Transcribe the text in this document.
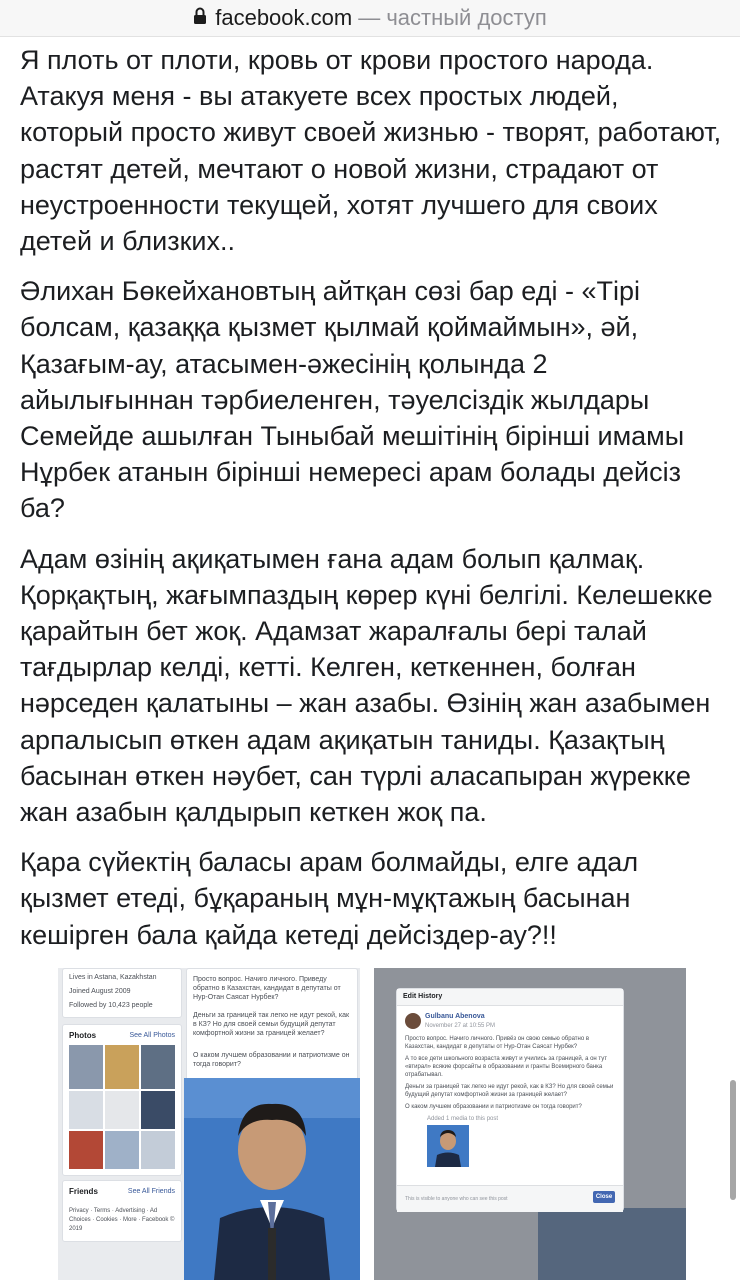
facebook.com — частный доступ

Я плоть от плоти, кровь от крови простого народа. Атакуя меня - вы атакуете всех простых людей, который просто живут своей жизнью - творят, работают, растят детей, мечтают о новой жизни, страдают от неустроенности текущей, хотят лучшего для своих детей и близких..

Әлихан Бөкейхановтың айтқан сөзі бар еді - «Тірі болсам, қазаққа қызмет қылмай қоймаймын», әй, Қазағым-ау, атасымен-әжесінің қолында 2 айылығыннан тәрбиеленген, тәуелсіздік жылдары Семейде ашылған Тыныбай мешітінің бірінші имамы Нұрбек атанын бірінші немересі арам болады дейсіз ба?

Адам өзінің ақиқатымен ғана адам болып қалмақ. Қорқақтың, жағымпаздың көрер күні белгілі. Келешекке қарайтын бет жоқ. Адамзат жаралғалы бері талай тағдырлар келді, кетті. Келген, кеткеннен, болған нәрседен қалатыны – жан азабы. Өзінің жан азабымен арпалысып өткен адам ақиқатын таниды. Қазақтың басынан өткен нәубет, сан түрлі аласапыран жүрекке жан азабын қалдырып кеткен жоқ па.

Қара сүйектің баласы арам болмайды, елге адал қызмет етеді, бұқараның мұн-мұқтажың басынан кешірген бала қайда кетеді дейсіздер-ау?!!

Lives in Astana, Kazakhstan
Joined August 2009
Followed by 10,423 people
Photos	See All Photos
Friends	See All Friends
Privacy · Terms · Advertising · Ad Choices · Cookies · More · Facebook © 2019
Просто вопрос. Начиго личного. Приведу обратно в Казахстан, кандидат в депутаты от Нур-Отан Саясат Нурбек?
Деньги за границей так легко не идут рекой, как в КЗ? Но для своей семьи будущий депутат комфортной жизни за границей желает?
О каком лучшем образовании и патриотизме он тогда говорит?
Edit History
Gulbanu Abenova
November 27 at 10:55 PM
Просто вопрос. Начиго личного. Привёз он свою семью обратно в Казахстан, кандидат в депутаты от Нур-Отан Саясат Нурбек?
А то все дети школьного возраста живут и учились за границей, а он тут «втирал» всякие форсайты в образовании и гранты Всемирного банка отрабатывал.
Деньги за границей так легко не идут рекой, как в КЗ? Но для своей семьи будущий депутат комфортной жизни за границей желает?
О каком лучшем образовании и патриотизме он тогда говорит?
Added 1 media to this post
This is visible to anyone who can see this post	Close
